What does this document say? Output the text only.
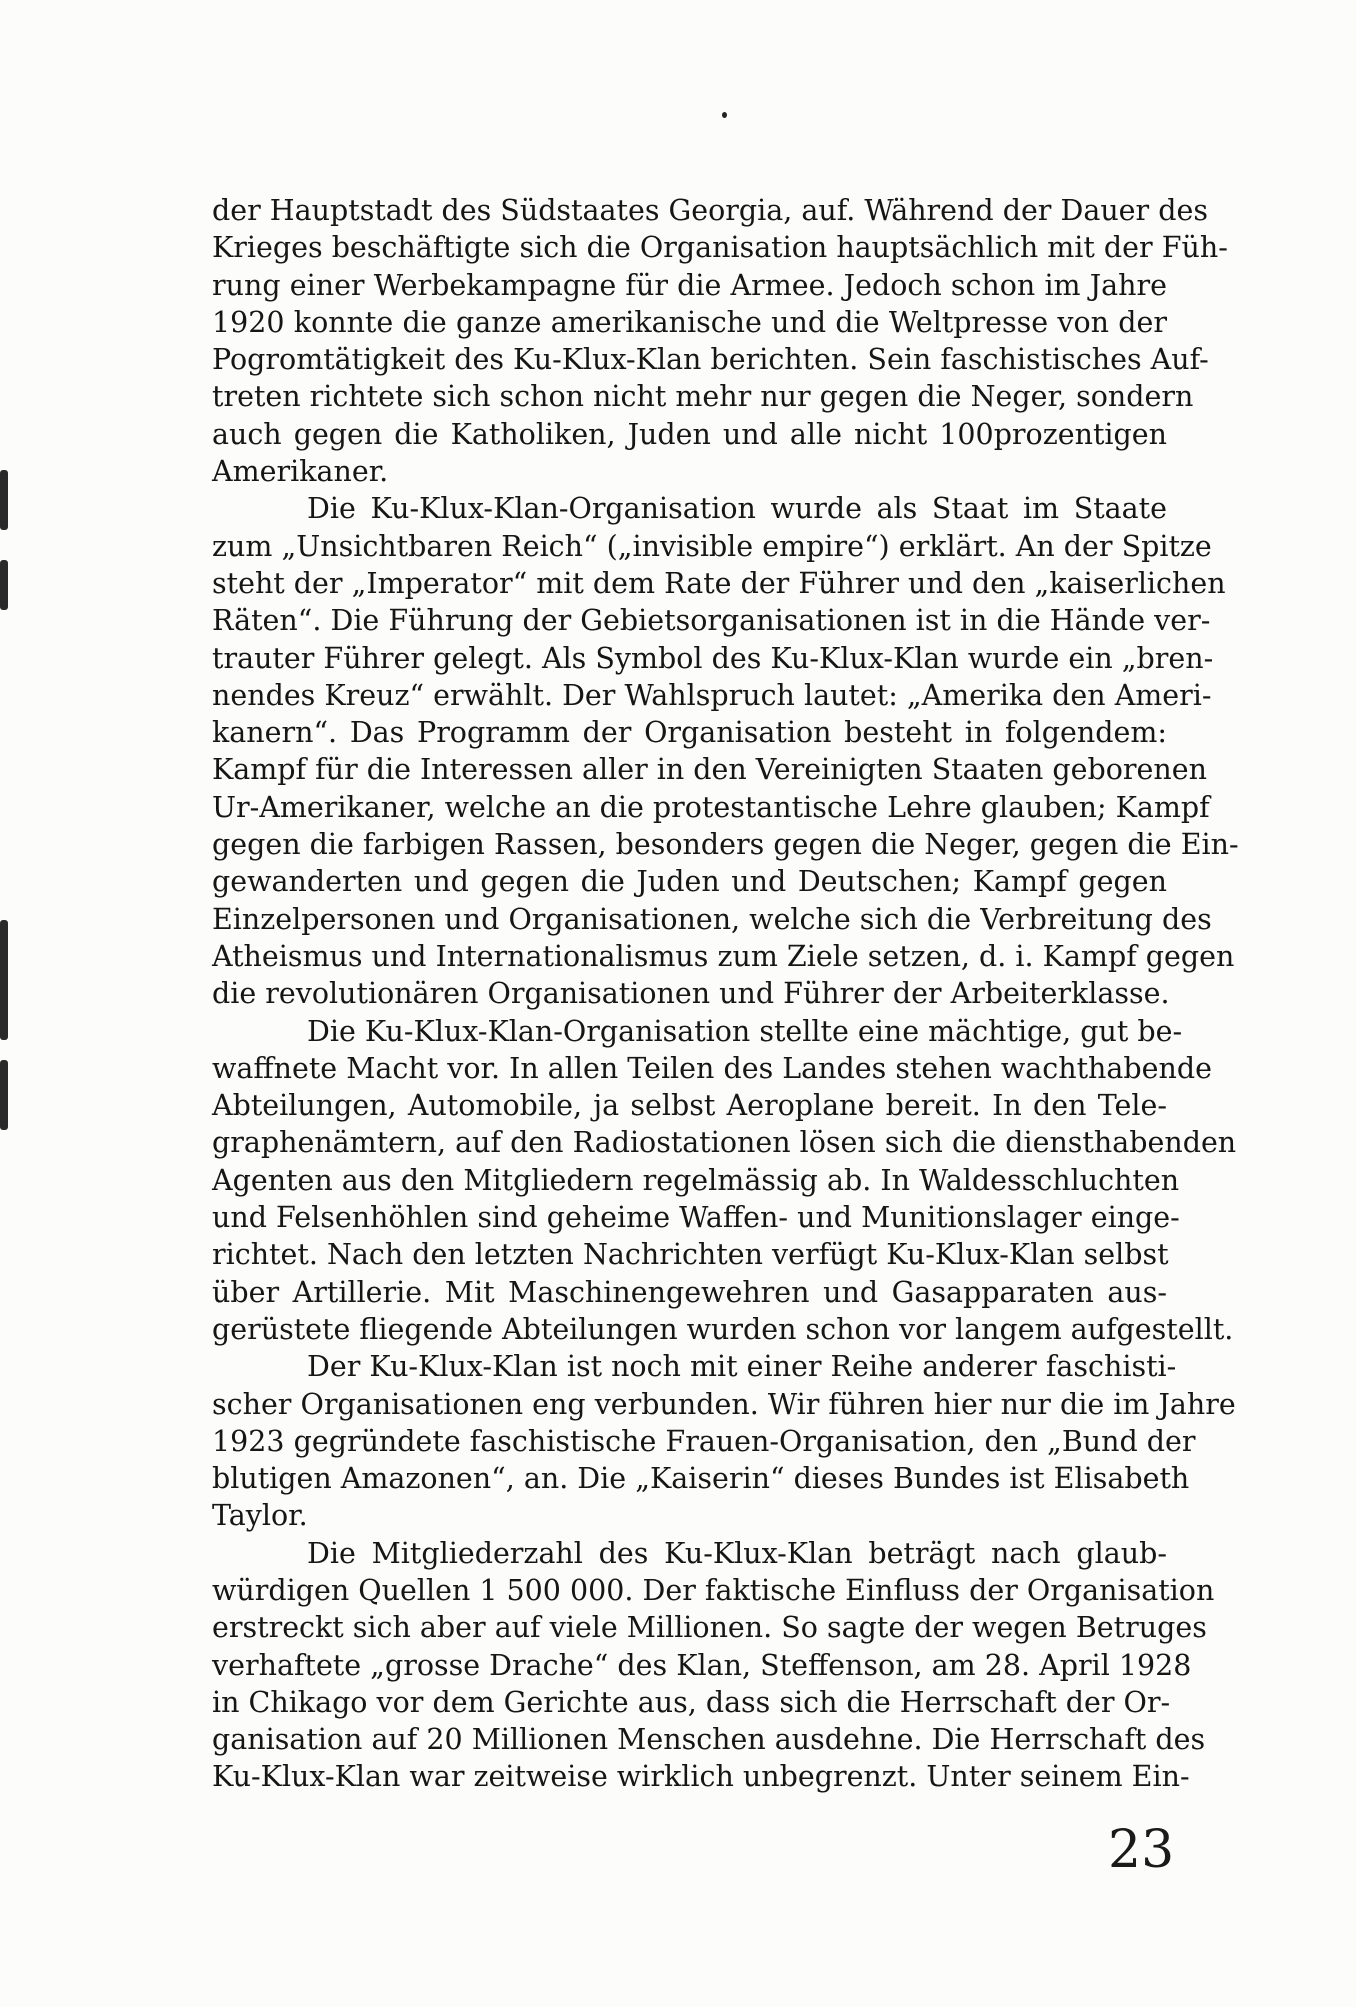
der Hauptstadt des Südstaates Georgia, auf. Während der Dauer des
Krieges beschäftigte sich die Organisation hauptsächlich mit der Füh-
rung einer Werbekampagne für die Armee. Jedoch schon im Jahre
1920 konnte die ganze amerikanische und die Weltpresse von der
Pogromtätigkeit des Ku-Klux-Klan berichten. Sein faschistisches Auf-
treten richtete sich schon nicht mehr nur gegen die Neger, sondern
auch gegen die Katholiken, Juden und alle nicht 100prozentigen
Amerikaner.
Die Ku-Klux-Klan-Organisation wurde als Staat im Staate
zum „Unsichtbaren Reich“ („invisible empire“) erklärt. An der Spitze
steht der „Imperator“ mit dem Rate der Führer und den „kaiserlichen
Räten“. Die Führung der Gebietsorganisationen ist in die Hände ver-
trauter Führer gelegt. Als Symbol des Ku-Klux-Klan wurde ein „bren-
nendes Kreuz“ erwählt. Der Wahlspruch lautet: „Amerika den Ameri-
kanern“. Das Programm der Organisation besteht in folgendem:
Kampf für die Interessen aller in den Vereinigten Staaten geborenen
Ur-Amerikaner, welche an die protestantische Lehre glauben; Kampf
gegen die farbigen Rassen, besonders gegen die Neger, gegen die Ein-
gewanderten und gegen die Juden und Deutschen; Kampf gegen
Einzelpersonen und Organisationen, welche sich die Verbreitung des
Atheismus und Internationalismus zum Ziele setzen, d. i. Kampf gegen
die revolutionären Organisationen und Führer der Arbeiterklasse.
Die Ku-Klux-Klan-Organisation stellte eine mächtige, gut be-
waffnete Macht vor. In allen Teilen des Landes stehen wachthabende
Abteilungen, Automobile, ja selbst Aeroplane bereit. In den Tele-
graphenämtern, auf den Radiostationen lösen sich die diensthabenden
Agenten aus den Mitgliedern regelmässig ab. In Waldesschluchten
und Felsenhöhlen sind geheime Waffen- und Munitionslager einge-
richtet. Nach den letzten Nachrichten verfügt Ku-Klux-Klan selbst
über Artillerie. Mit Maschinengewehren und Gasapparaten aus-
gerüstete fliegende Abteilungen wurden schon vor langem aufgestellt.
Der Ku-Klux-Klan ist noch mit einer Reihe anderer faschisti-
scher Organisationen eng verbunden. Wir führen hier nur die im Jahre
1923 gegründete faschistische Frauen-Organisation, den „Bund der
blutigen Amazonen“, an. Die „Kaiserin“ dieses Bundes ist Elisabeth
Taylor.
Die Mitgliederzahl des Ku-Klux-Klan beträgt nach glaub-
würdigen Quellen 1 500 000. Der faktische Einfluss der Organisation
erstreckt sich aber auf viele Millionen. So sagte der wegen Betruges
verhaftete „grosse Drache“ des Klan, Steffenson, am 28. April 1928
in Chikago vor dem Gerichte aus, dass sich die Herrschaft der Or-
ganisation auf 20 Millionen Menschen ausdehne. Die Herrschaft des
Ku-Klux-Klan war zeitweise wirklich unbegrenzt. Unter seinem Ein-
23
